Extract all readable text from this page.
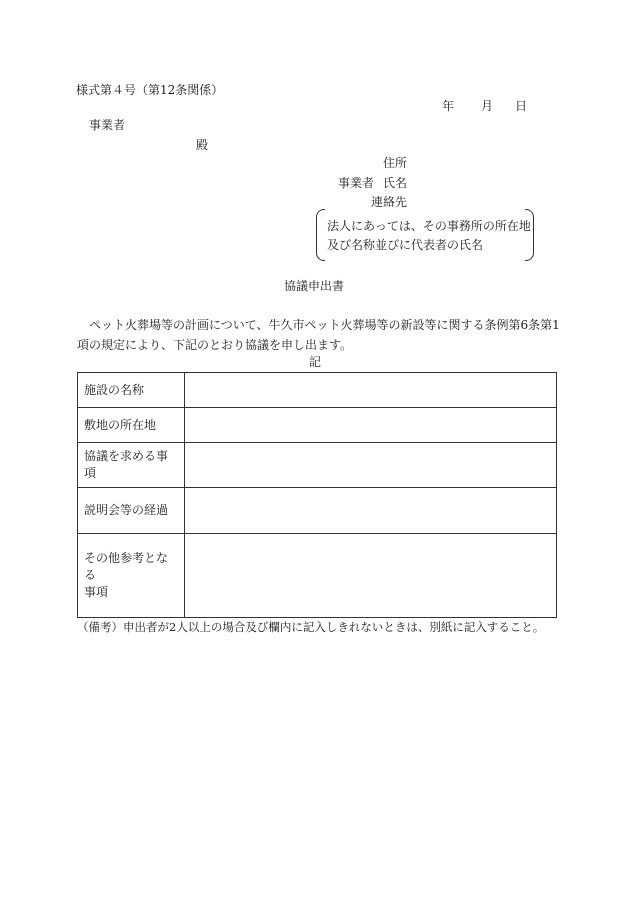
様式第４号（第12条関係）
年 月 日
事業者
殿
住所
事業者 氏名
連絡先
法人にあっては、その事務所の所在地
及び名称並びに代表者の氏名
協議申出書
ペット火葬場等の計画について、牛久市ペット火葬場等の新設等に関する条例第6条第1
項の規定により、下記のとおり協議を申し出ます。
記
施設の名称	
敷地の所在地	
協議を求める事項	
説明会等の経過	

その他参考となる
事項	

（備考）申出者が2人以上の場合及び欄内に記入しきれないときは、別紙に記入すること。
